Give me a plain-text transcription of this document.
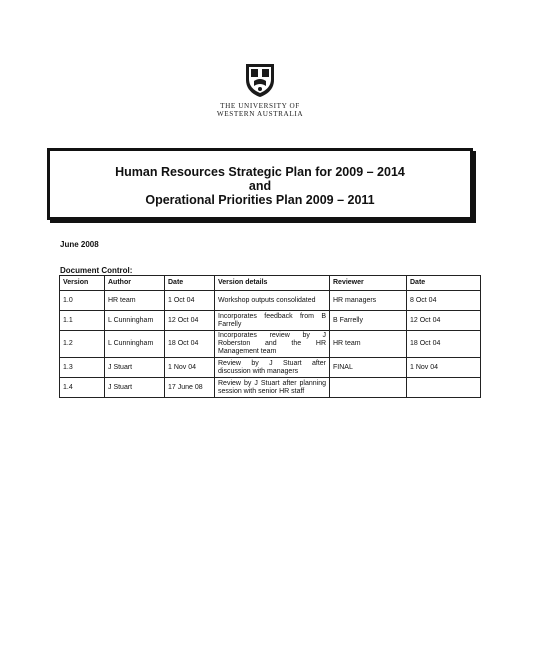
THE UNIVERSITY OF
WESTERN AUSTRALIA
Human Resources Strategic Plan for 2009 – 2014
and
Operational Priorities Plan 2009 – 2011
June 2008
Document Control:
Version	Author	Date	Version details	Reviewer	Date
1.0	HR team	1 Oct 04	Workshop outputs consolidated	HR managers	8 Oct 04
1.1	L Cunningham	12 Oct 04	Incorporates feedback from B Farrelly	B Farrelly	12 Oct 04
1.2	L Cunningham	18 Oct 04	Incorporates review by J Roberston and the HR Management team	HR team	18 Oct 04
1.3	J Stuart	1 Nov 04	Review by J Stuart after discussion with managers	FINAL	1 Nov 04
1.4	J Stuart	17 June 08	Review by J Stuart after planning session with senior HR staff		
